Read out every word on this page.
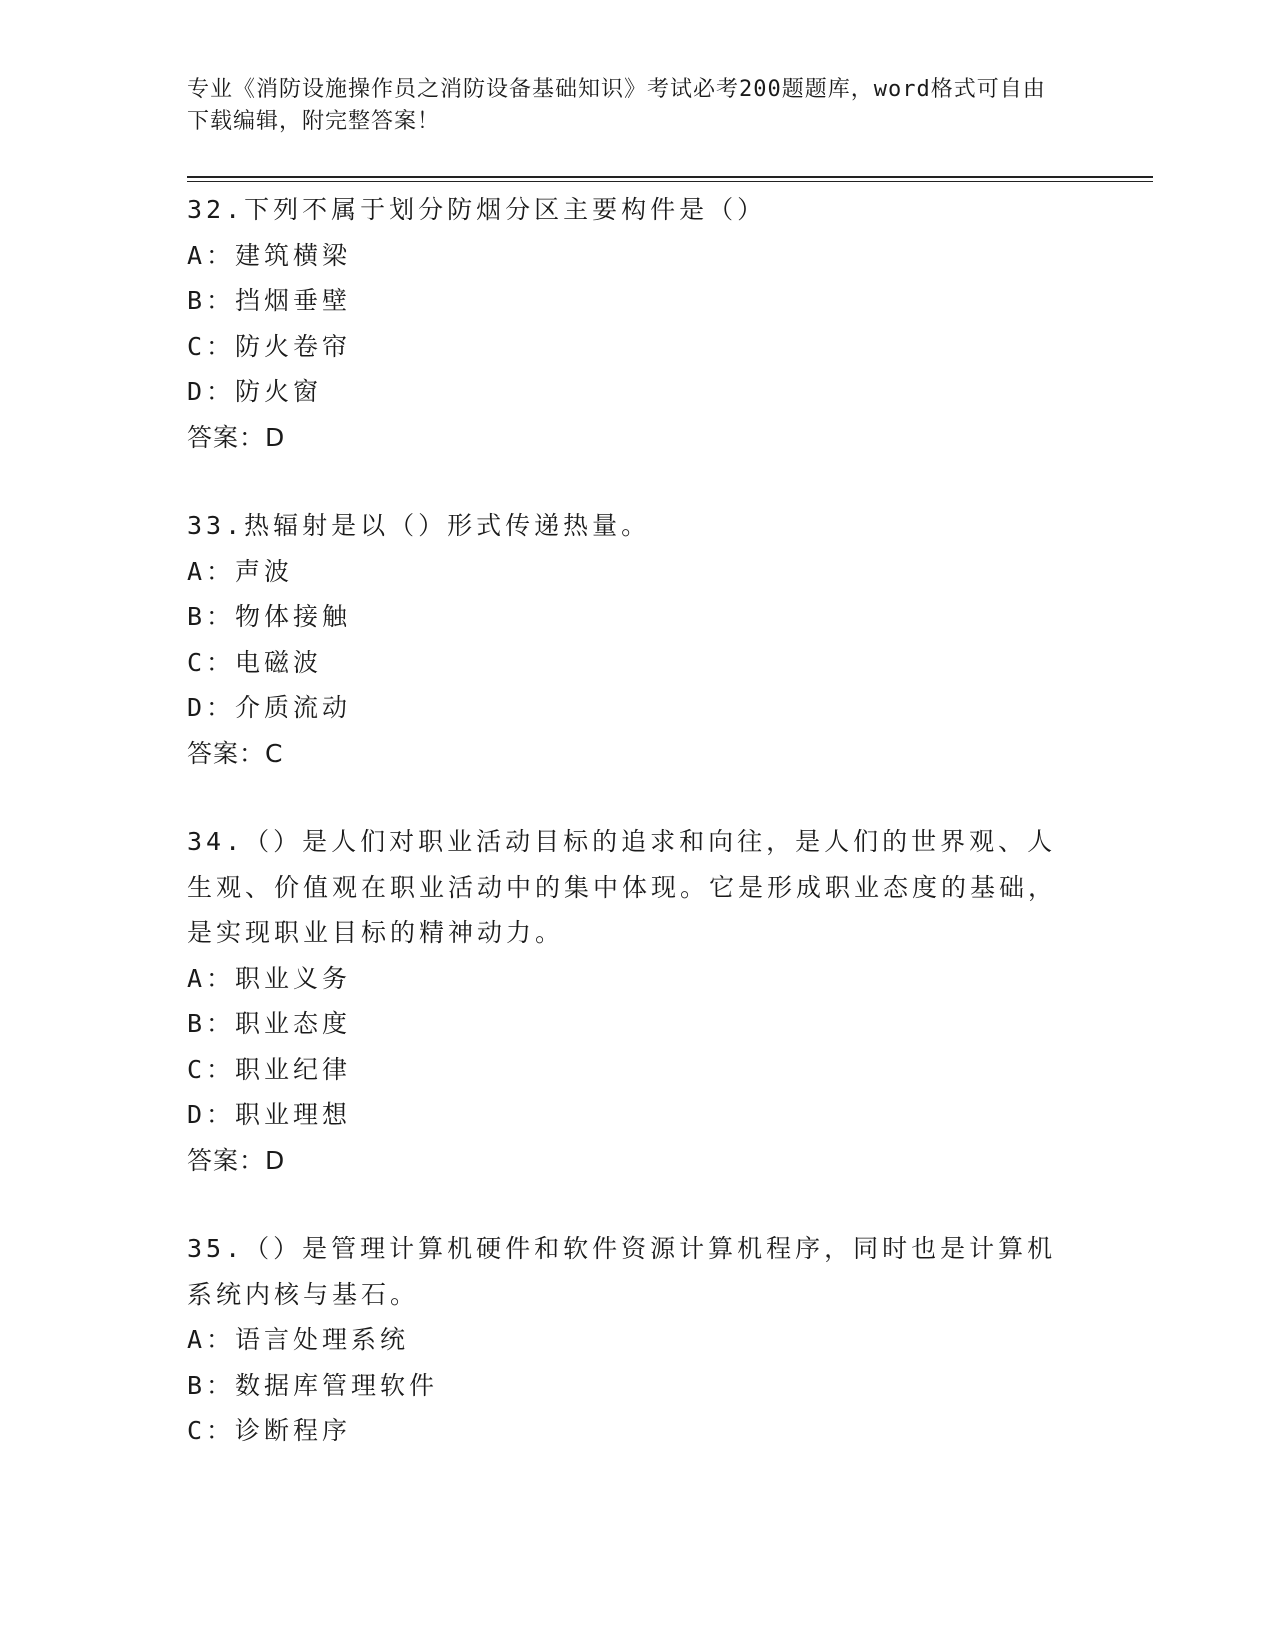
专业《消防设施操作员之消防设备基础知识》考试必考200题题库，word格式可自由下载编辑，附完整答案！
32.下列不属于划分防烟分区主要构件是（）
A：建筑横梁
B：挡烟垂壁
C：防火卷帘
D：防火窗
答案：D
33.热辐射是以（）形式传递热量。
A：声波
B：物体接触
C：电磁波
D：介质流动
答案：C
34.（）是人们对职业活动目标的追求和向往，是人们的世界观、人生观、价值观在职业活动中的集中体现。它是形成职业态度的基础，是实现职业目标的精神动力。
A：职业义务
B：职业态度
C：职业纪律
D：职业理想
答案：D
35.（）是管理计算机硬件和软件资源计算机程序，同时也是计算机系统内核与基石。
A：语言处理系统
B：数据库管理软件
C：诊断程序
